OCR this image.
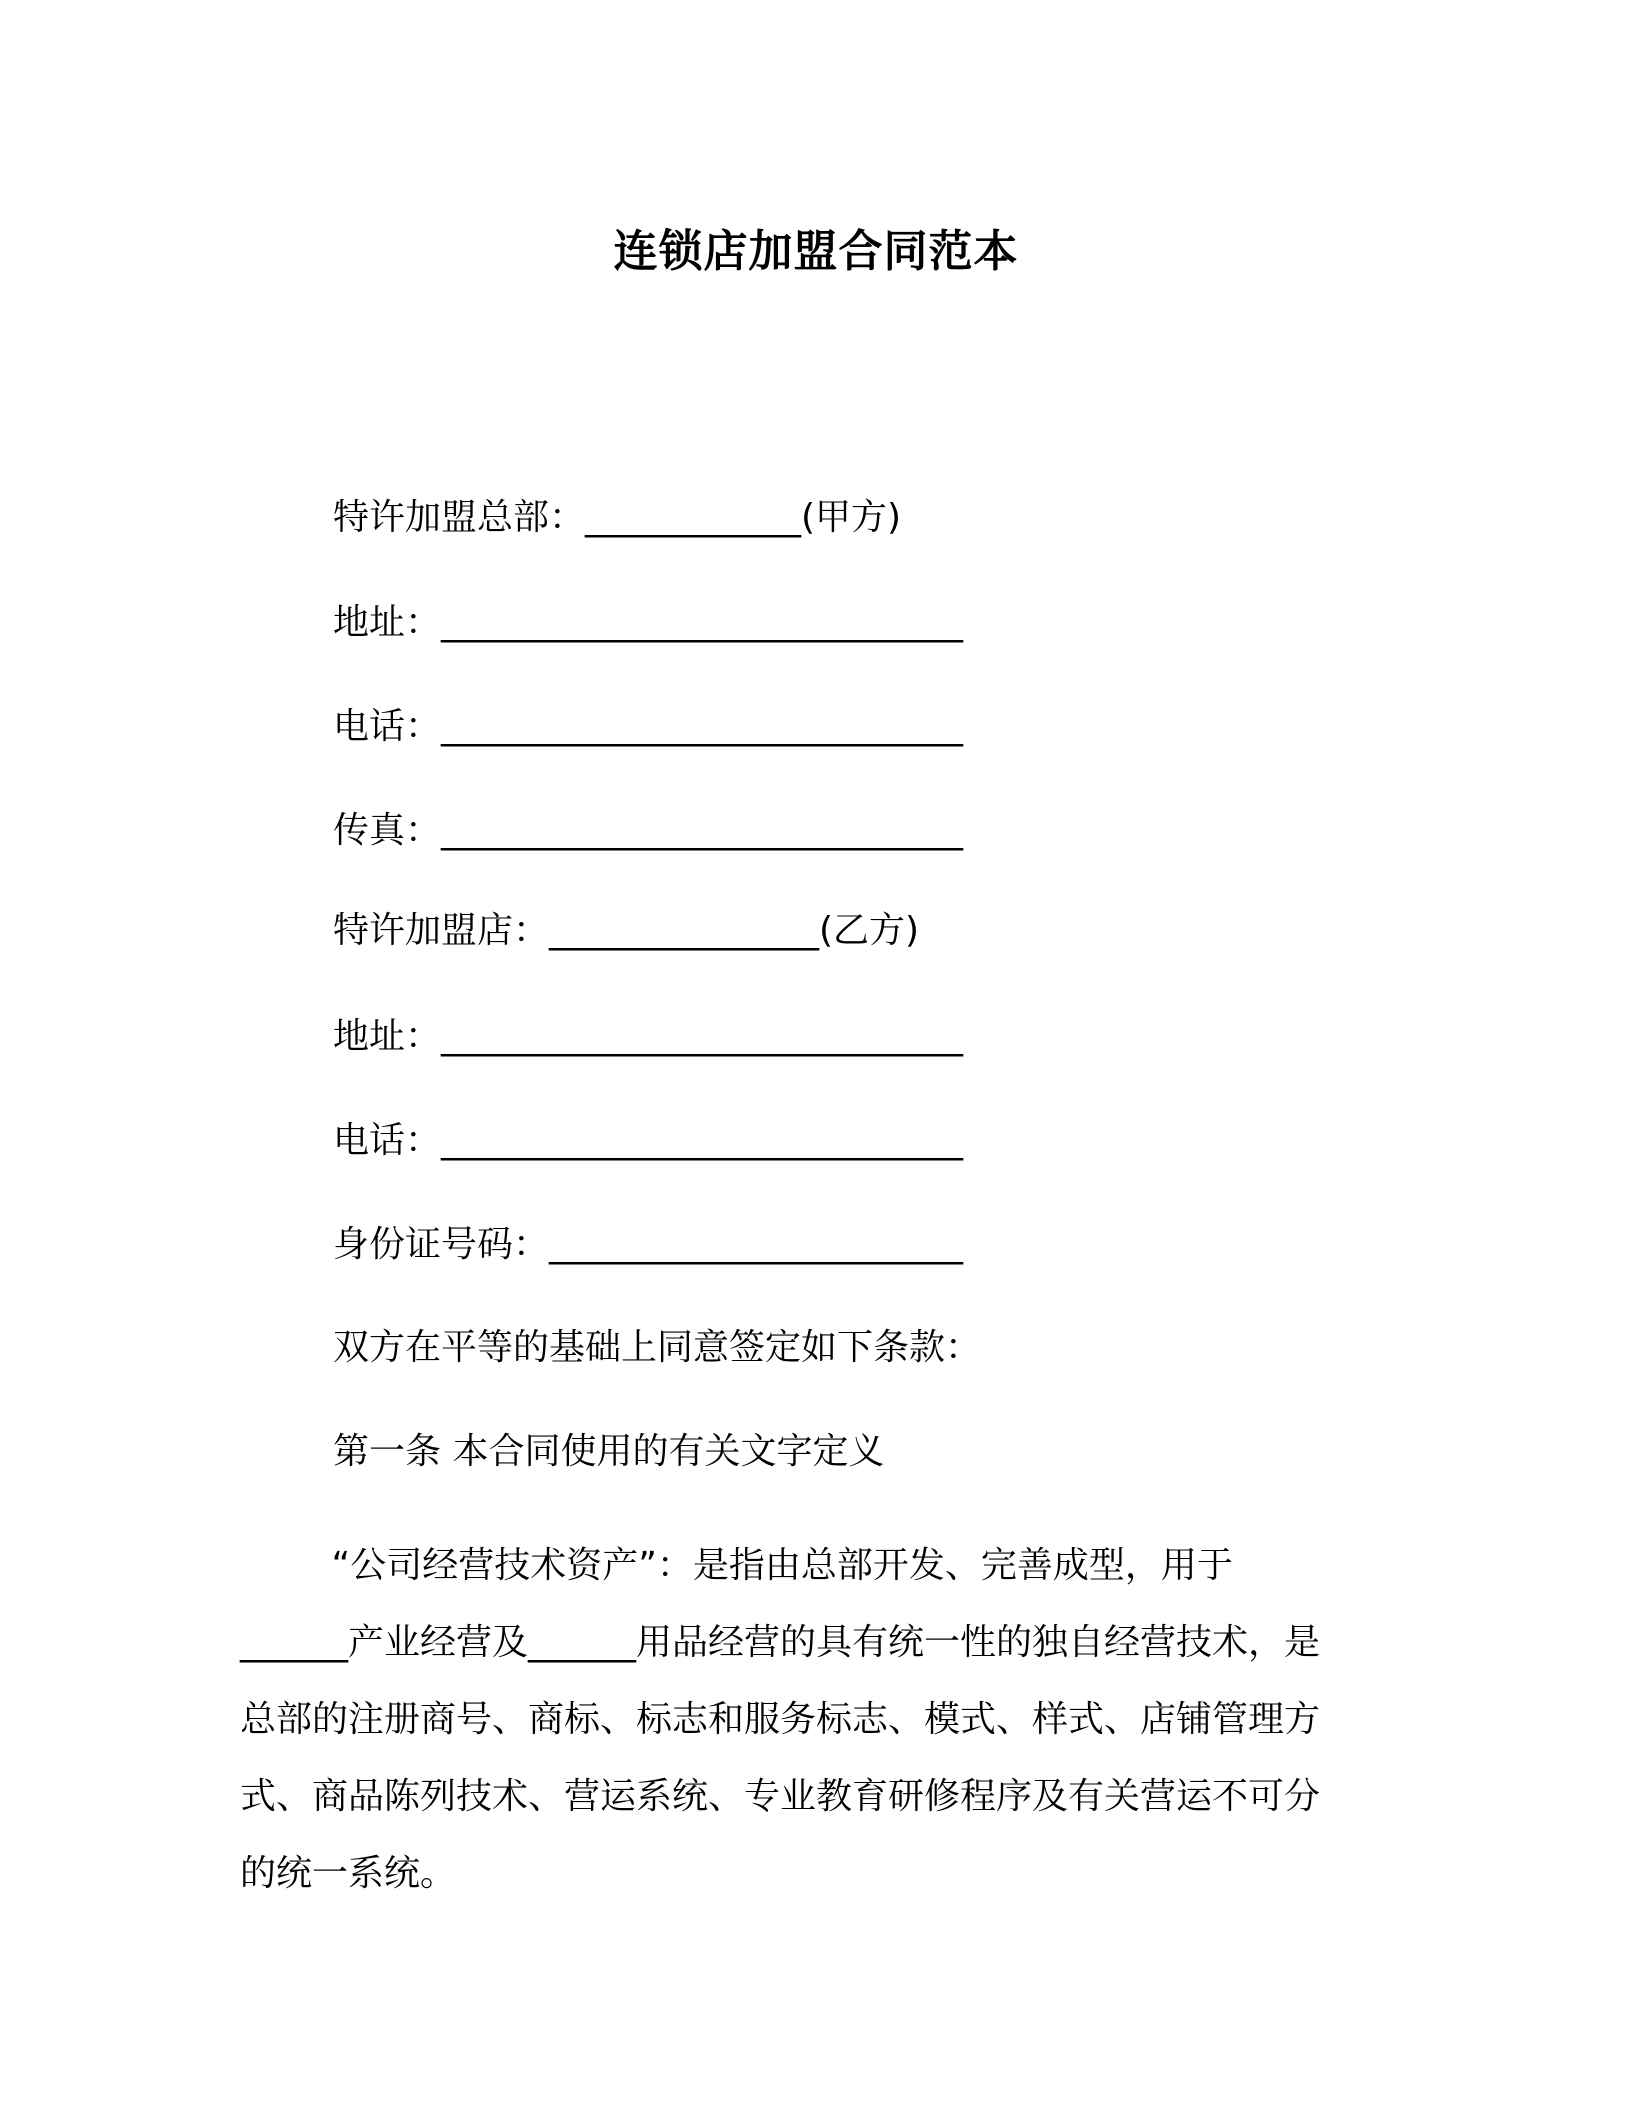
连锁店加盟合同范本
特许加盟总部：____________(甲方)
地址：_____________________________
电话：_____________________________
传真：_____________________________
特许加盟店：_______________(乙方)
地址：_____________________________
电话：_____________________________
身份证号码：_______________________
双方在平等的基础上同意签定如下条款：
第一条 本合同使用的有关文字定义
“公司经营技术资产”：是指由总部开发、完善成型，用于
______产业经营及______用品经营的具有统一性的独自经营技术，是
总部的注册商号、商标、标志和服务标志、模式、样式、店铺管理方
式、商品陈列技术、营运系统、专业教育研修程序及有关营运不可分
的统一系统。
